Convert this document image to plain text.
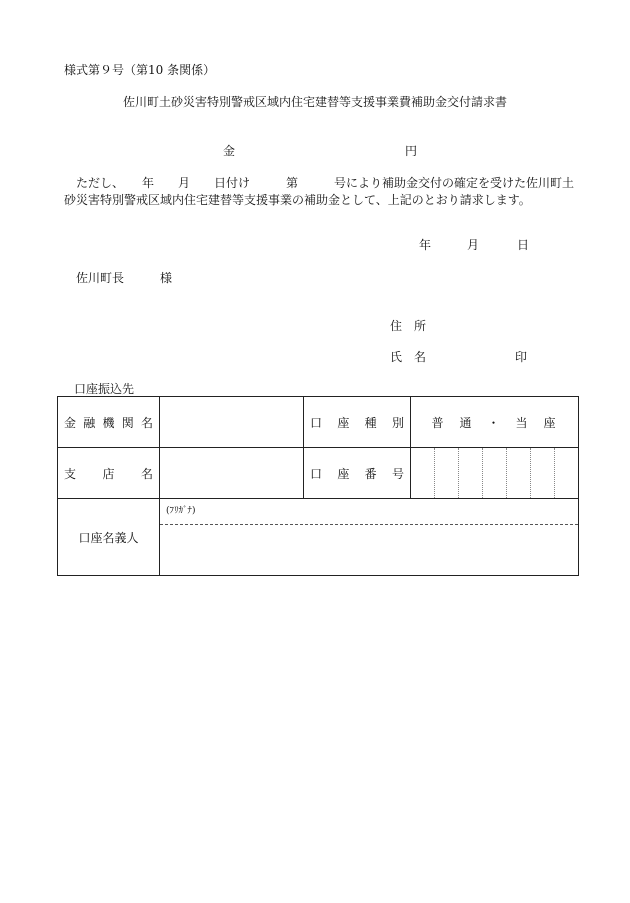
様式第９号（第10 条関係）
佐川町土砂災害特別警戒区域内住宅建替等支援事業費補助金交付請求書
金	円
　ただし、　　年　　月　　日付け　　　第　　　号により補助金交付の確定を受けた佐川町土砂災害特別警戒区域内住宅建替等支援事業の補助金として、上記のとおり請求します。
年	月	日
佐川町長　　　様
住　所
氏　名	印
口座振込先
金 融 機 関 名		口 座 種 別	普　通　・　当　座

支 店 名		口 座 番 号	

口座名義人	(ﾌﾘｶﾞﾅ)		
